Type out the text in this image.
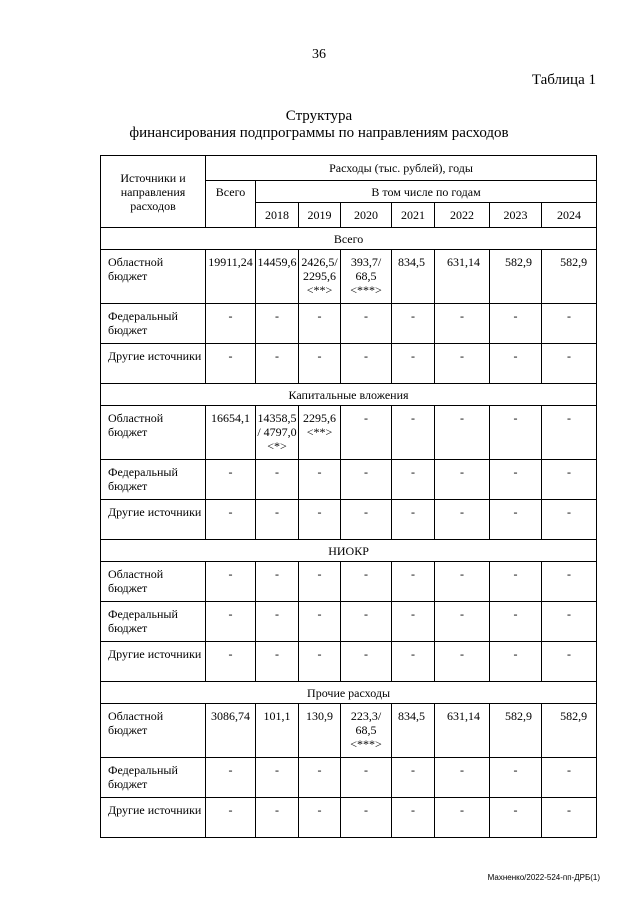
36
Таблица 1
Структура
финансирования подпрограммы по направлениям расходов
Источники и направления расходов	Расходы (тыс. рублей), годы							
	Всего	В том числе по годам						
		2018	2019	2020	2021	2022	2023	2024
Всего								
Областной бюджет	19911,24	14459,6	2426,5/ 2295,6 <**>	393,7/ 68,5 <***>	834,5	631,14	582,9	582,9
Федеральный бюджет	-	-	-	-	-	-	-	-
Другие источники	-	-	-	-	-	-	-	-
Капитальные вложения								
Областной бюджет	16654,1	14358,5 / 4797,0 <*>	2295,6 <**>	-	-	-	-	-
Федеральный бюджет	-	-	-	-	-	-	-	-
Другие источники	-	-	-	-	-	-	-	-
НИОКР								
Областной бюджет	-	-	-	-	-	-	-	-
Федеральный бюджет	-	-	-	-	-	-	-	-
Другие источники	-	-	-	-	-	-	-	-
Прочие расходы								
Областной бюджет	3086,74	101,1	130,9	223,3/ 68,5 <***>	834,5	631,14	582,9	582,9
Федеральный бюджет	-	-	-	-	-	-	-	-
Другие источники	-	-	-	-	-	-	-	-
Махненко/2022-524-пп-ДРБ(1)
